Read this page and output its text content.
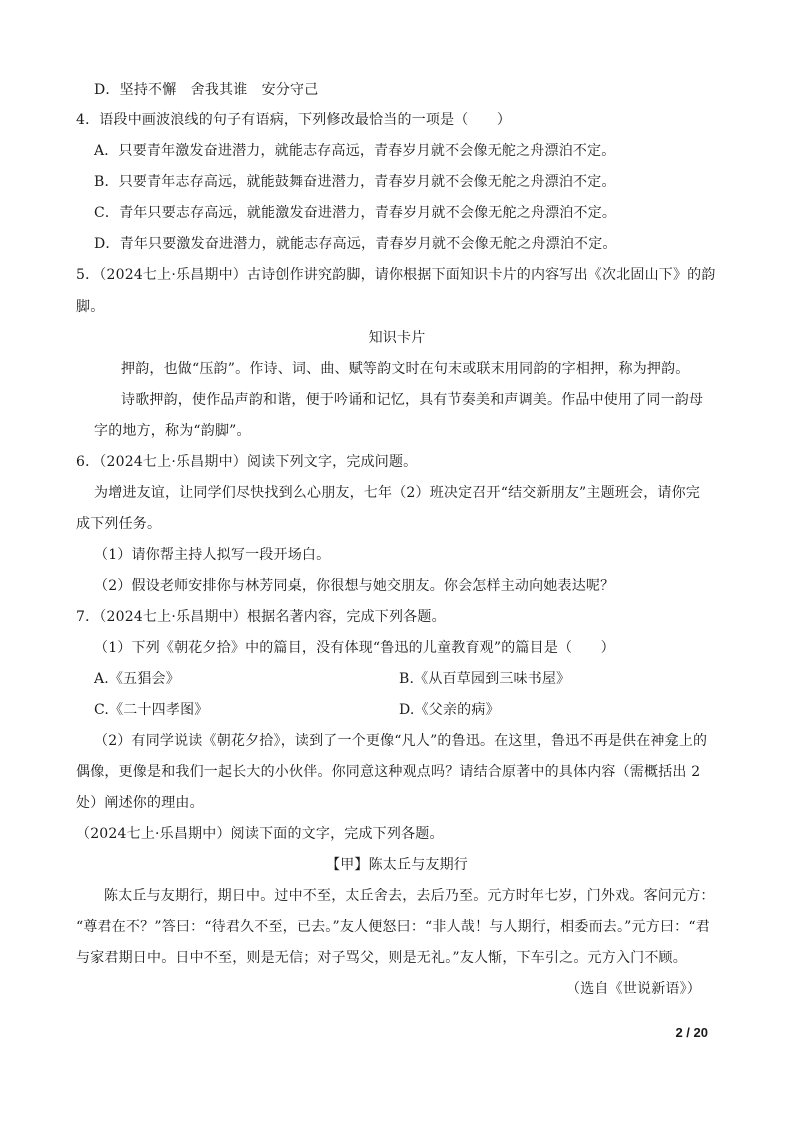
D．坚持不懈　舍我其谁　安分守己
4．语段中画波浪线的句子有语病，下列修改最恰当的一项是（　　）
A．只要青年激发奋进潜力，就能志存高远，青春岁月就不会像无舵之舟漂泊不定。
B．只要青年志存高远，就能鼓舞奋进潜力，青春岁月就不会像无舵之舟漂泊不定。
C．青年只要志存高远，就能激发奋进潜力，青春岁月就不会像无舵之舟漂泊不定。
D．青年只要激发奋进潜力，就能志存高远，青春岁月就不会像无舵之舟漂泊不定。
5．（2024七上·乐昌期中）古诗创作讲究韵脚，请你根据下面知识卡片的内容写出《次北固山下》的韵
脚。
知识卡片
押韵，也做“压韵”。作诗、词、曲、赋等韵文时在句末或联末用同韵的字相押，称为押韵。
诗歌押韵，使作品声韵和谐，便于吟诵和记忆，具有节奏美和声调美。作品中使用了同一韵母
字的地方，称为“韵脚”。
6．（2024七上·乐昌期中）阅读下列文字，完成问题。
为增进友谊，让同学们尽快找到么心朋友，七年（2）班决定召开“结交新朋友”主题班会，请你完
成下列任务。
（1）请你帮主持人拟写一段开场白。
（2）假设老师安排你与林芳同桌，你很想与她交朋友。你会怎样主动向她表达呢？
7．（2024七上·乐昌期中）根据名著内容，完成下列各题。
（1）下列《朝花夕拾》中的篇目，没有体现“鲁迅的儿童教育观”的篇目是（　　）
A.《五猖会》	B.《从百草园到三味书屋》
C.《二十四孝图》	D.《父亲的病》
（2）有同学说读《朝花夕拾》，读到了一个更像“凡人”的鲁迅。在这里，鲁迅不再是供在神龛上的
偶像，更像是和我们一起长大的小伙伴。你同意这种观点吗？请结合原著中的具体内容（需概括出 2
处）阐述你的理由。
（2024七上·乐昌期中）阅读下面的文字，完成下列各题。
【甲】陈太丘与友期行
陈太丘与友期行，期日中。过中不至，太丘舍去，去后乃至。元方时年七岁，门外戏。客问元方：
“尊君在不？”答曰：“待君久不至，已去。”友人便怒曰：“非人哉！与人期行，相委而去。”元方曰：“君
与家君期日中。日中不至，则是无信；对子骂父，则是无礼。”友人惭，下车引之。元方入门不顾。
（选自《世说新语》）
2 / 20
